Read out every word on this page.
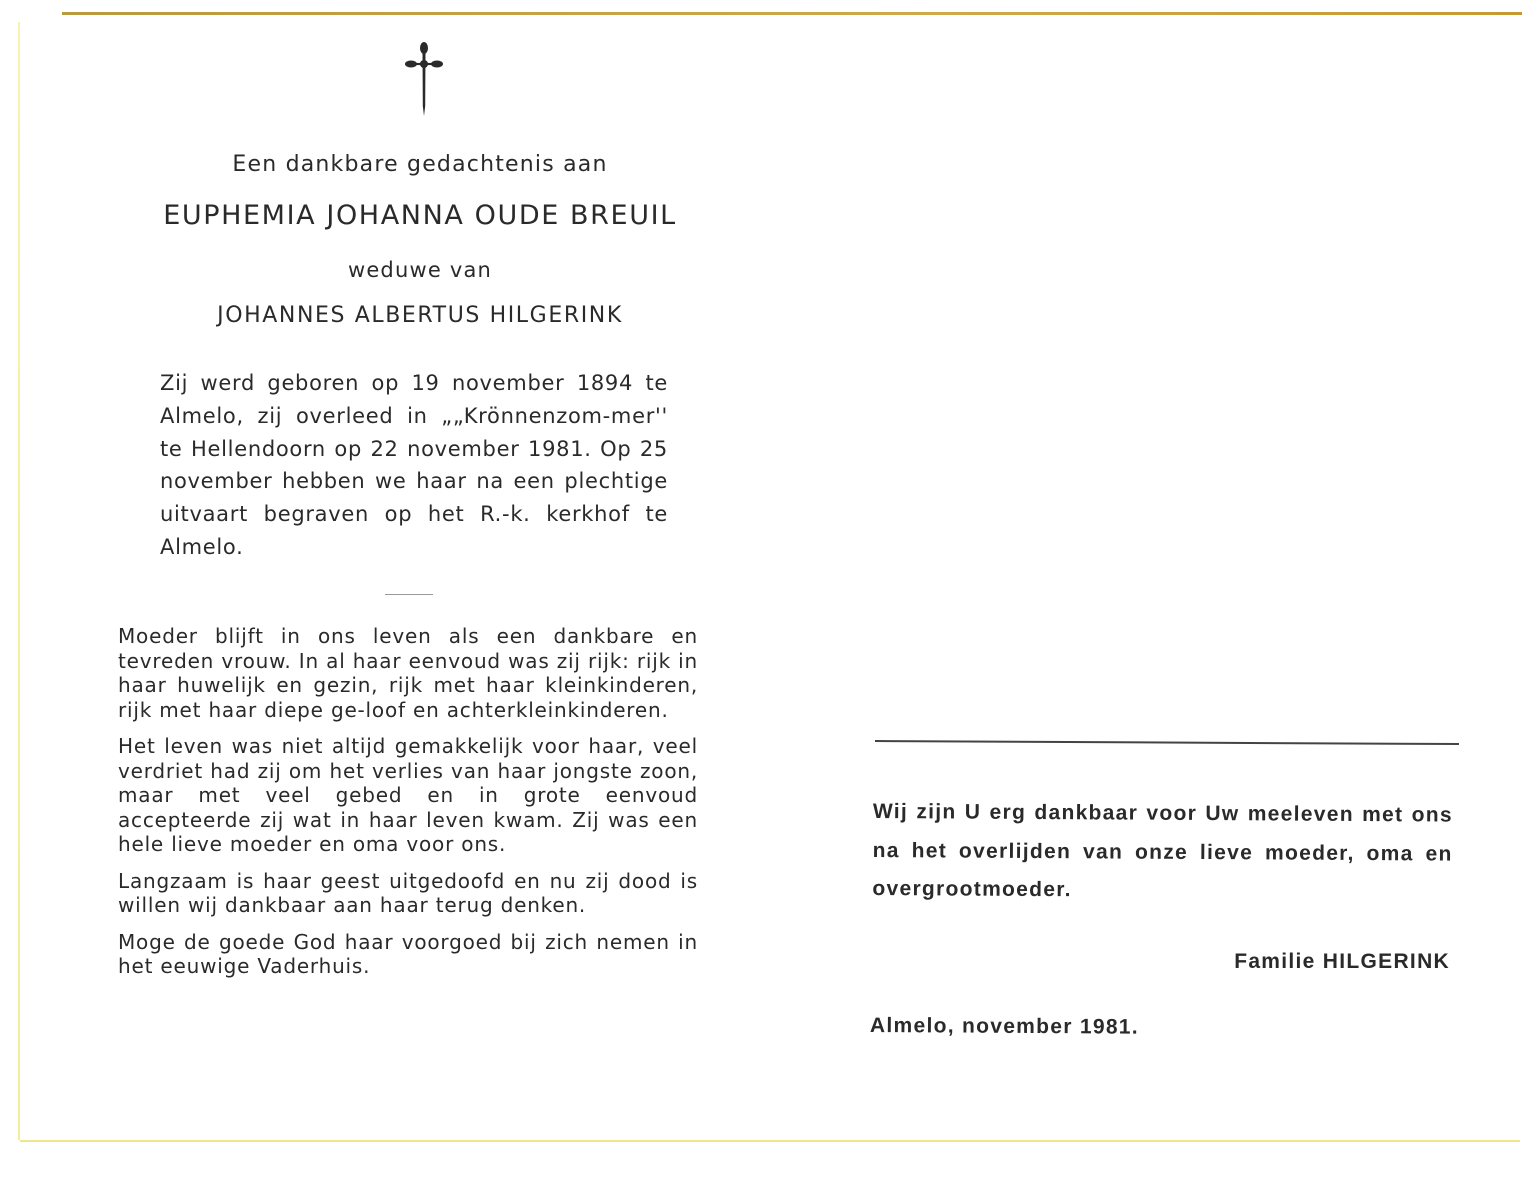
Een dankbare gedachtenis aan
EUPHEMIA JOHANNA OUDE BREUIL
weduwe van
JOHANNES ALBERTUS HILGERINK
Zij werd geboren op 19 november 1894 te Almelo, zij overleed in „„Krönnenzom-mer'' te Hellendoorn op 22 november 1981. Op 25 november hebben we haar na een plechtige uitvaart begraven op het R.-k. kerkhof te Almelo.

Moeder blijft in ons leven als een dankbare en tevreden vrouw. In al haar eenvoud was zij rijk: rijk in haar huwelijk en gezin, rijk met haar kleinkinderen, rijk met haar diepe ge-loof en achterkleinkinderen.

Het leven was niet altijd gemakkelijk voor haar, veel verdriet had zij om het verlies van haar jongste zoon, maar met veel gebed en in grote eenvoud accepteerde zij wat in haar leven kwam. Zij was een hele lieve moeder en oma voor ons.

Langzaam is haar geest uitgedoofd en nu zij dood is willen wij dankbaar aan haar terug denken.

Moge de goede God haar voorgoed bij zich nemen in het eeuwige Vaderhuis.

Wij zijn U erg dankbaar voor Uw meeleven met ons na het overlijden van onze lieve moeder, oma en overgrootmoeder.
Familie HILGERINK
Almelo, november 1981.
